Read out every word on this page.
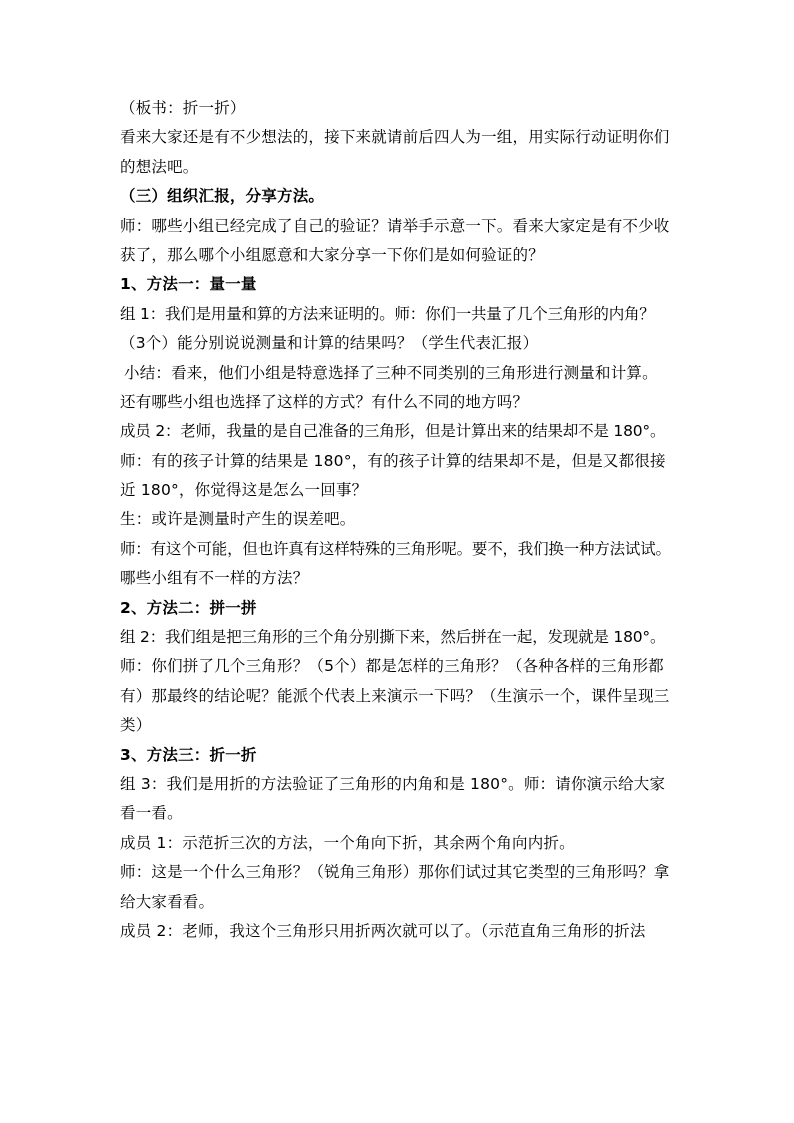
（板书：折一折）
看来大家还是有不少想法的，接下来就请前后四人为一组，用实际行动证明你们
的想法吧。
（三）组织汇报，分享方法。
师：哪些小组已经完成了自己的验证？请举手示意一下。看来大家定是有不少收
获了，那么哪个小组愿意和大家分享一下你们是如何验证的？
1、方法一：量一量
组 1：我们是用量和算的方法来证明的。师：你们一共量了几个三角形的内角？
（3个）能分别说说测量和计算的结果吗？（学生代表汇报）
小结：看来，他们小组是特意选择了三种不同类别的三角形进行测量和计算。
还有哪些小组也选择了这样的方式？有什么不同的地方吗？
成员 2：老师，我量的是自己准备的三角形，但是计算出来的结果却不是 180°。
师：有的孩子计算的结果是 180°，有的孩子计算的结果却不是，但是又都很接
近 180°，你觉得这是怎么一回事？
生：或许是测量时产生的误差吧。
师：有这个可能，但也许真有这样特殊的三角形呢。要不，我们换一种方法试试。
哪些小组有不一样的方法？
2、方法二：拼一拼
组 2：我们组是把三角形的三个角分别撕下来，然后拼在一起，发现就是 180°。
师：你们拼了几个三角形？（5个）都是怎样的三角形？（各种各样的三角形都
有）那最终的结论呢？能派个代表上来演示一下吗？（生演示一个，课件呈现三
类）
3、方法三：折一折
组 3：我们是用折的方法验证了三角形的内角和是 180°。师：请你演示给大家
看一看。
成员 1：示范折三次的方法，一个角向下折，其余两个角向内折。
师：这是一个什么三角形？（锐角三角形）那你们试过其它类型的三角形吗？拿
给大家看看。
成员 2：老师，我这个三角形只用折两次就可以了。（示范直角三角形的折法
